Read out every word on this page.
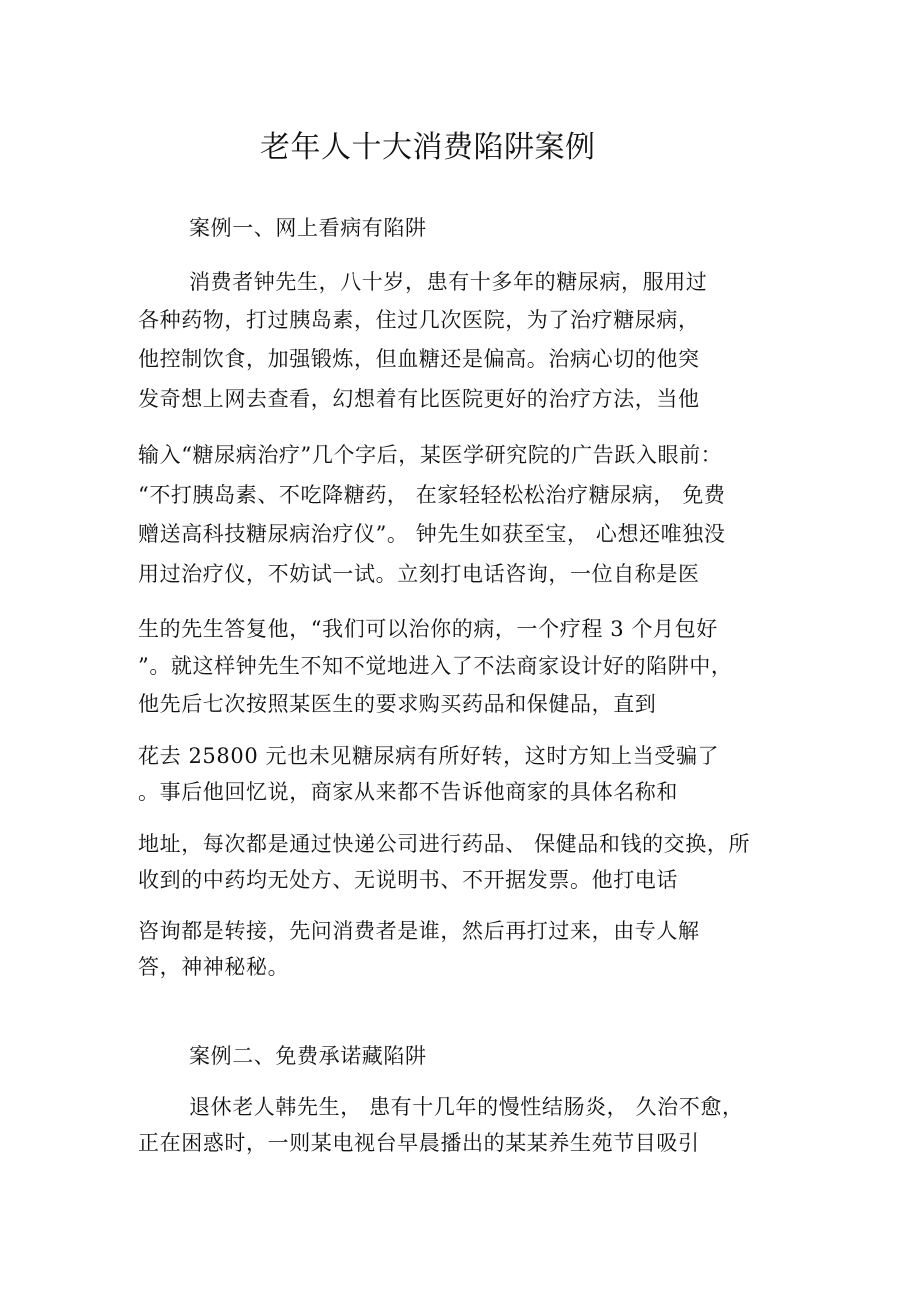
老年人十大消费陷阱案例
案例一、网上看病有陷阱
消费者钟先生，八十岁，患有十多年的糖尿病，服用过
各种药物，打过胰岛素，住过几次医院，为了治疗糖尿病，
他控制饮食，加强锻炼，但血糖还是偏高。治病心切的他突
发奇想上网去查看，幻想着有比医院更好的治疗方法，当他
输入“糖尿病治疗”几个字后，某医学研究院的广告跃入眼前：
“不打胰岛素、不吃降糖药， 在家轻轻松松治疗糖尿病， 免费
赠送高科技糖尿病治疗仪”。 钟先生如获至宝， 心想还唯独没
用过治疗仪，不妨试一试。立刻打电话咨询，一位自称是医
生的先生答复他，“我们可以治你的病，一个疗程 3 个月包好
”。就这样钟先生不知不觉地进入了不法商家设计好的陷阱中，
他先后七次按照某医生的要求购买药品和保健品，直到
花去 25800 元也未见糖尿病有所好转，这时方知上当受骗了
。事后他回忆说，商家从来都不告诉他商家的具体名称和
地址，每次都是通过快递公司进行药品、 保健品和钱的交换，所
收到的中药均无处方、无说明书、不开据发票。他打电话
咨询都是转接，先问消费者是谁，然后再打过来，由专人解
答，神神秘秘。
案例二、免费承诺藏陷阱
退休老人韩先生， 患有十几年的慢性结肠炎， 久治不愈，
正在困惑时，一则某电视台早晨播出的某某养生苑节目吸引
